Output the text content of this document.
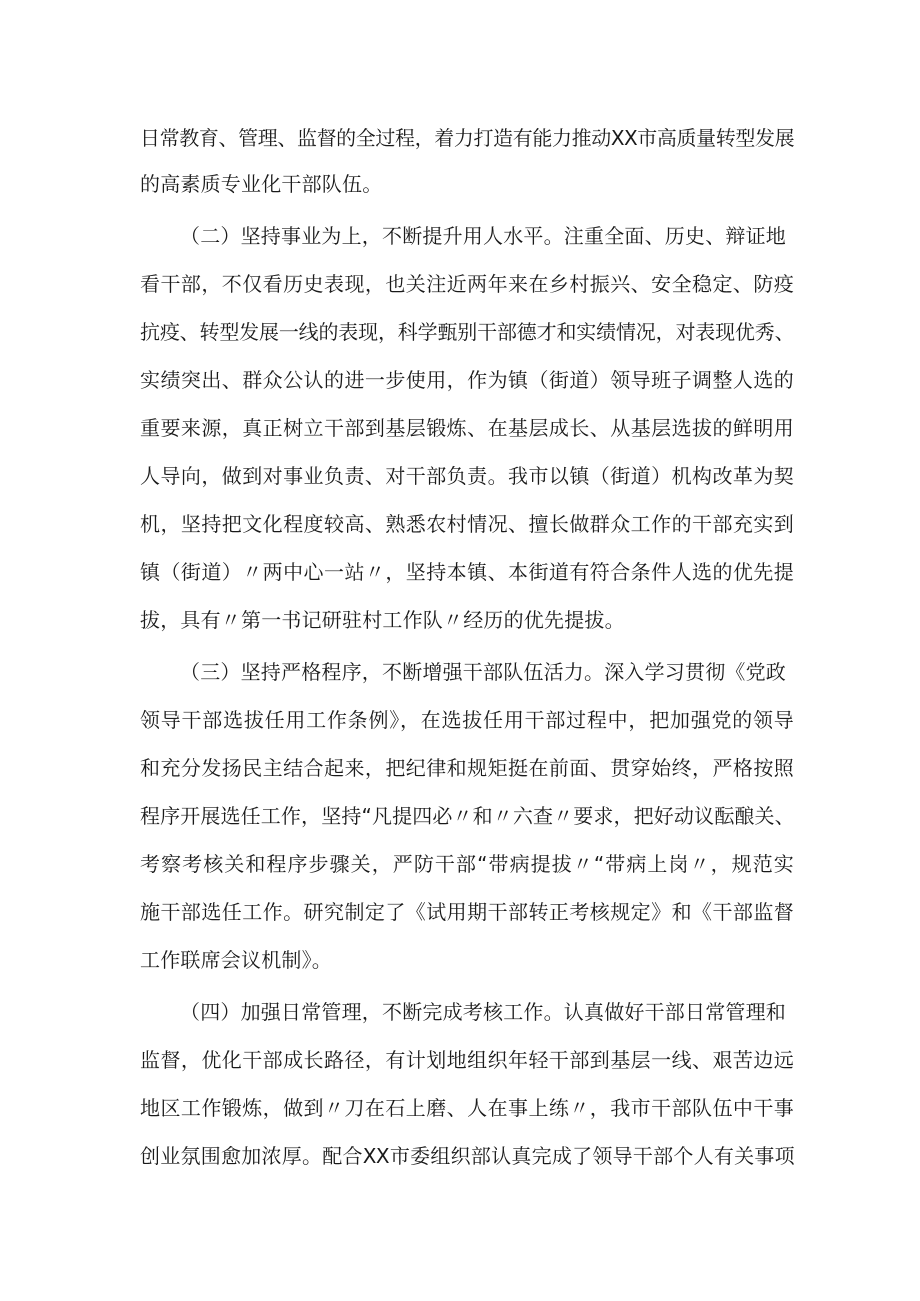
日常教育、管理、监督的全过程，着力打造有能力推动XX市高质量转型发展
的高素质专业化干部队伍。
（二）坚持事业为上，不断提升用人水平。注重全面、历史、辩证地
看干部，不仅看历史表现，也关注近两年来在乡村振兴、安全稳定、防疫
抗疫、转型发展一线的表现，科学甄别干部德才和实绩情况，对表现优秀、
实绩突出、群众公认的进一步使用，作为镇（街道）领导班子调整人选的
重要来源，真正树立干部到基层锻炼、在基层成长、从基层选拔的鲜明用
人导向，做到对事业负责、对干部负责。我市以镇（街道）机构改革为契
机，坚持把文化程度较高、熟悉农村情况、擅长做群众工作的干部充实到
镇（街道）〃两中心一站〃，坚持本镇、本街道有符合条件人选的优先提
拔，具有〃第一书记研驻村工作队〃经历的优先提拔。
（三）坚持严格程序，不断增强干部队伍活力。深入学习贯彻《党政
领导干部选拔任用工作条例》，在选拔任用干部过程中，把加强党的领导
和充分发扬民主结合起来，把纪律和规矩挺在前面、贯穿始终，严格按照
程序开展选任工作，坚持“凡提四必〃和〃六查〃要求，把好动议酝酿关、
考察考核关和程序步骤关，严防干部“带病提拔〃“带病上岗〃，规范实
施干部选任工作。研究制定了《试用期干部转正考核规定》和《干部监督
工作联席会议机制》。
（四）加强日常管理，不断完成考核工作。认真做好干部日常管理和
监督，优化干部成长路径，有计划地组织年轻干部到基层一线、艰苦边远
地区工作锻炼，做到〃刀在石上磨、人在事上练〃，我市干部队伍中干事
创业氛围愈加浓厚。配合XX市委组织部认真完成了领导干部个人有关事项
